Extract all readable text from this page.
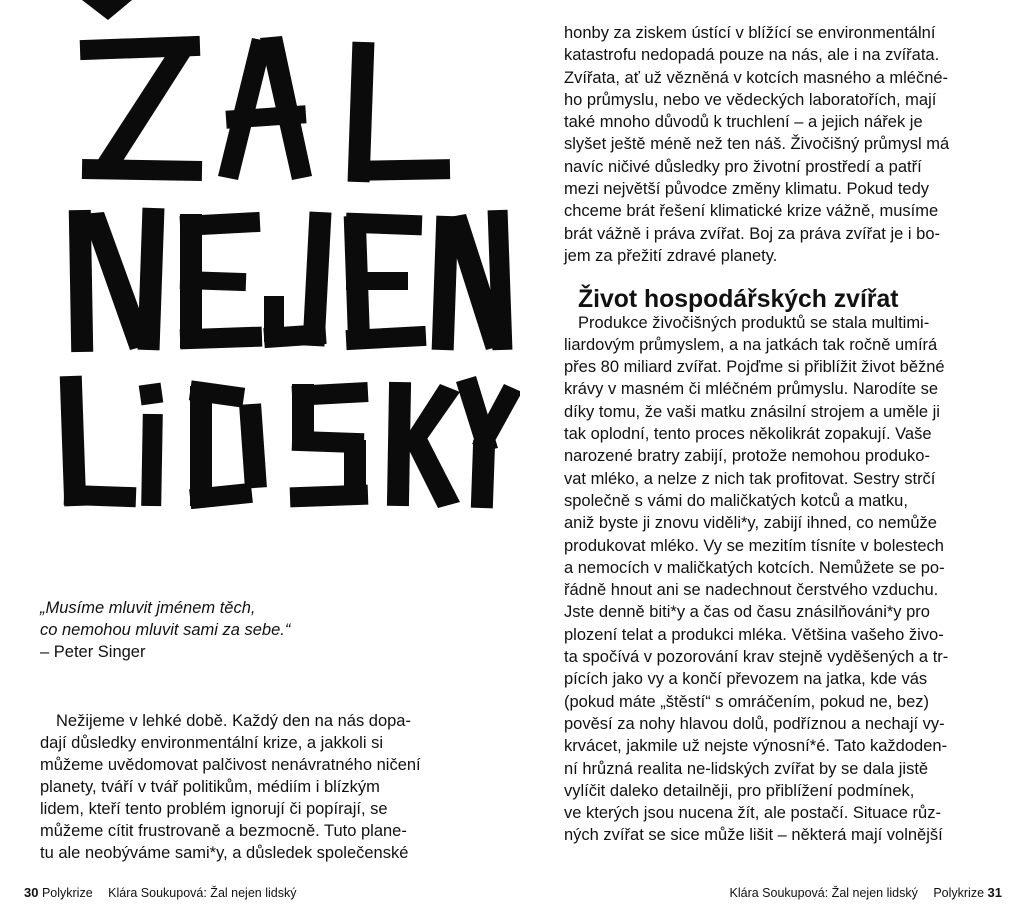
„Musíme mluvit jménem těch,
co nemohou mluvit sami za sebe.“
– Peter Singer
Nežijeme v lehké době. Každý den na nás dopa-
dají důsledky environmentální krize, a jakkoli si
můžeme uvědomovat palčivost nenávratného ničení
planety, tváří v tvář politikům, médiím i blízkým
lidem, kteří tento problém ignorují či popírají, se
můžeme cítit frustrovaně a bezmocně. Tuto plane-
tu ale neobýváme sami*y, a důsledek společenské
30 Polykrize Klára Soukupová: Žal nejen lidský
honby za ziskem ústící v blížící se environmentální
katastrofu nedopadá pouze na nás, ale i na zvířata.
Zvířata, ať už vězněná v kotcích masného a mléčné-
ho průmyslu, nebo ve vědeckých laboratořích, mají
také mnoho důvodů k truchlení – a jejich nářek je
slyšet ještě méně než ten náš. Živočišný průmysl má
navíc ničivé důsledky pro životní prostředí a patří
mezi největší původce změny klimatu. Pokud tedy
chceme brát řešení klimatické krize vážně, musíme
brát vážně i práva zvířat. Boj za práva zvířat je i bo-
jem za přežití zdravé planety.
Život hospodářských zvířat
Produkce živočišných produktů se stala multimi-
liardovým průmyslem, a na jatkách tak ročně umírá
přes 80 miliard zvířat. Pojďme si přiblížit život běžné
krávy v masném či mléčném průmyslu. Narodíte se
díky tomu, že vaši matku znásilní strojem a uměle ji
tak oplodní, tento proces několikrát zopakují. Vaše
narozené bratry zabijí, protože nemohou produko-
vat mléko, a nelze z nich tak profitovat. Sestry strčí
společně s vámi do maličkatých kotců a matku,
aniž byste ji znovu viděli*y, zabijí ihned, co nemůže
produkovat mléko. Vy se mezitím tísníte v bolestech
a nemocích v maličkatých kotcích. Nemůžete se po-
řádně hnout ani se nadechnout čerstvého vzduchu.
Jste denně biti*y a čas od času znásilňováni*y pro
plození telat a produkci mléka. Většina vašeho živo-
ta spočívá v pozorování krav stejně vyděšených a tr-
pících jako vy a končí převozem na jatka, kde vás
(pokud máte „štěstí“ s omráčením, pokud ne, bez)
pověsí za nohy hlavou dolů, podříznou a nechají vy-
krvácet, jakmile už nejste výnosní*é. Tato každoden-
ní hrůzná realita ne-lidských zvířat by se dala jistě
vylíčit daleko detailněji, pro přiblížení podmínek,
ve kterých jsou nucena žít, ale postačí. Situace růz-
ných zvířat se sice může lišit – některá mají volnější
Klára Soukupová: Žal nejen lidský Polykrize 31
